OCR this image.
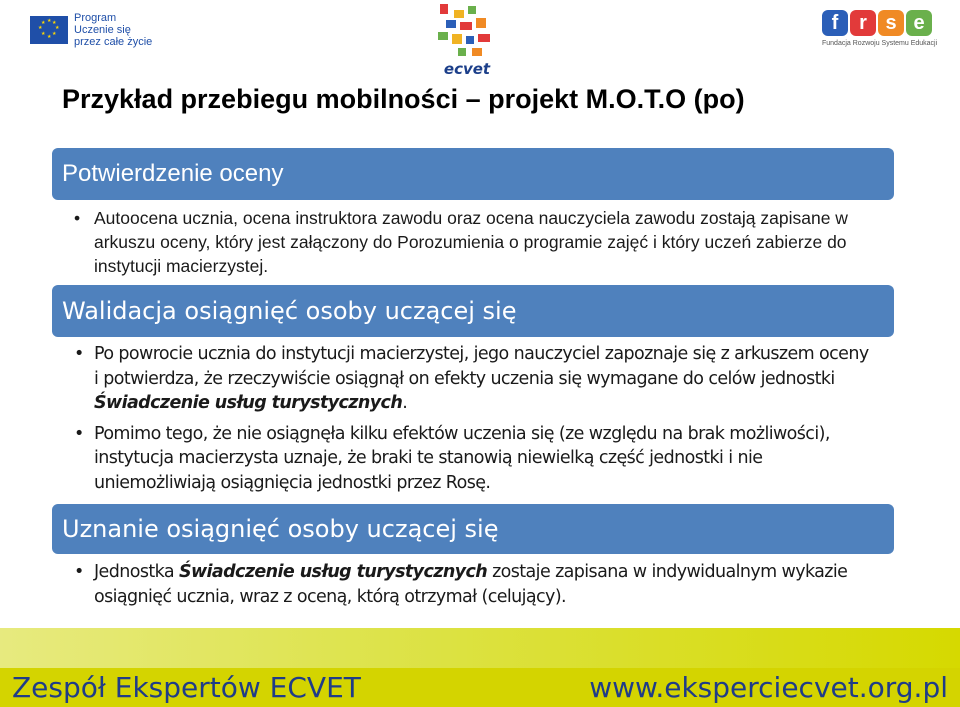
★ ★
★
★
★
★
★
★	Program
Uczenie się
przez całe życie
ecvet
f	r s e
Fundacja Rozwoju Systemu Edukacji
Przykład przebiegu mobilności – projekt M.O.T.O (po)
Potwierdzenie oceny
• Autoocena ucznia, ocena instruktora zawodu oraz ocena nauczyciela zawodu zostają zapisane w arkuszu oceny, który jest załączony do Porozumienia o programie zajęć i który uczeń zabierze do instytucji macierzystej.
Walidacja osiągnięć osoby uczącej się
• Po powrocie ucznia do instytucji macierzystej, jego nauczyciel zapoznaje się z arkuszem oceny i potwierdza, że rzeczywiście osiągnął on efekty uczenia się wymagane do celów jednostki Świadczenie usług turystycznych.
• Pomimo tego, że nie osiągnęła kilku efektów uczenia się (ze względu na brak możliwości), instytucja macierzysta uznaje, że braki te stanowią niewielką część jednostki i nie uniemożliwiają osiągnięcia jednostki przez Rosę.
Uznanie osiągnięć osoby uczącej się
• Jednostka Świadczenie usług turystycznych zostaje zapisana w indywidualnym wykazie osiągnięć ucznia, wraz z oceną, którą otrzymał (celujący).
Zespół Ekspertów ECVET	www.eksperciecvet.org.pl
